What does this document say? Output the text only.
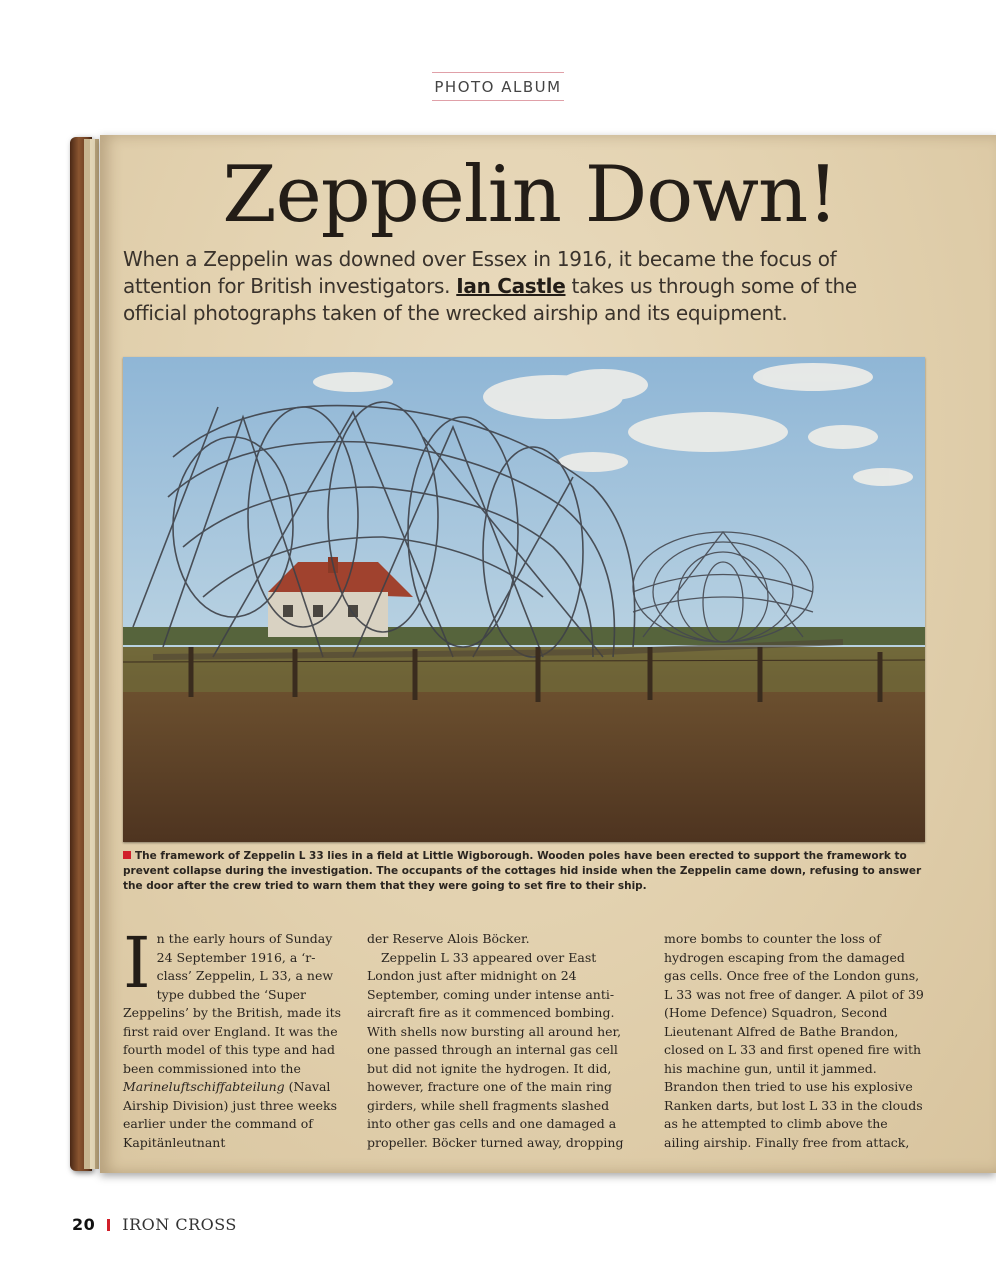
PHOTO ALBUM
Zeppelin Down!

When a Zeppelin was downed over Essex in 1916, it became the focus of attention for British investigators. Ian Castle takes us through some of the official photographs taken of the wrecked airship and its equipment.

The framework of Zeppelin L 33 lies in a field at Little Wigborough. Wooden poles have been erected to support the framework to prevent collapse during the investigation. The occupants of the cottages hid inside when the Zeppelin came down, refusing to answer the door after the crew tried to warn them that they were going to set fire to their ship.

In the early hours of Sunday 24 September 1916, a ‘r-class’ Zeppelin, L 33, a new type dubbed the ‘Super Zeppelins’ by the British, made its first raid over England. It was the fourth model of this type and had been commissioned into the Marineluftschiffabteilung (Naval Airship Division) just three weeks earlier under the command of Kapitänleutnant

der Reserve Alois Böcker.

Zeppelin L 33 appeared over East London just after midnight on 24 September, coming under intense anti-aircraft fire as it commenced bombing. With shells now bursting all around her, one passed through an internal gas cell but did not ignite the hydrogen. It did, however, fracture one of the main ring girders, while shell fragments slashed into other gas cells and one damaged a propeller. Böcker turned away, dropping

more bombs to counter the loss of hydrogen escaping from the damaged gas cells. Once free of the London guns, L 33 was not free of danger. A pilot of 39 (Home Defence) Squadron, Second Lieutenant Alfred de Bathe Brandon, closed on L 33 and first opened fire with his machine gun, until it jammed. Brandon then tried to use his explosive Ranken darts, but lost L 33 in the clouds as he attempted to climb above the ailing airship. Finally free from attack,

20 IRON CROSS
